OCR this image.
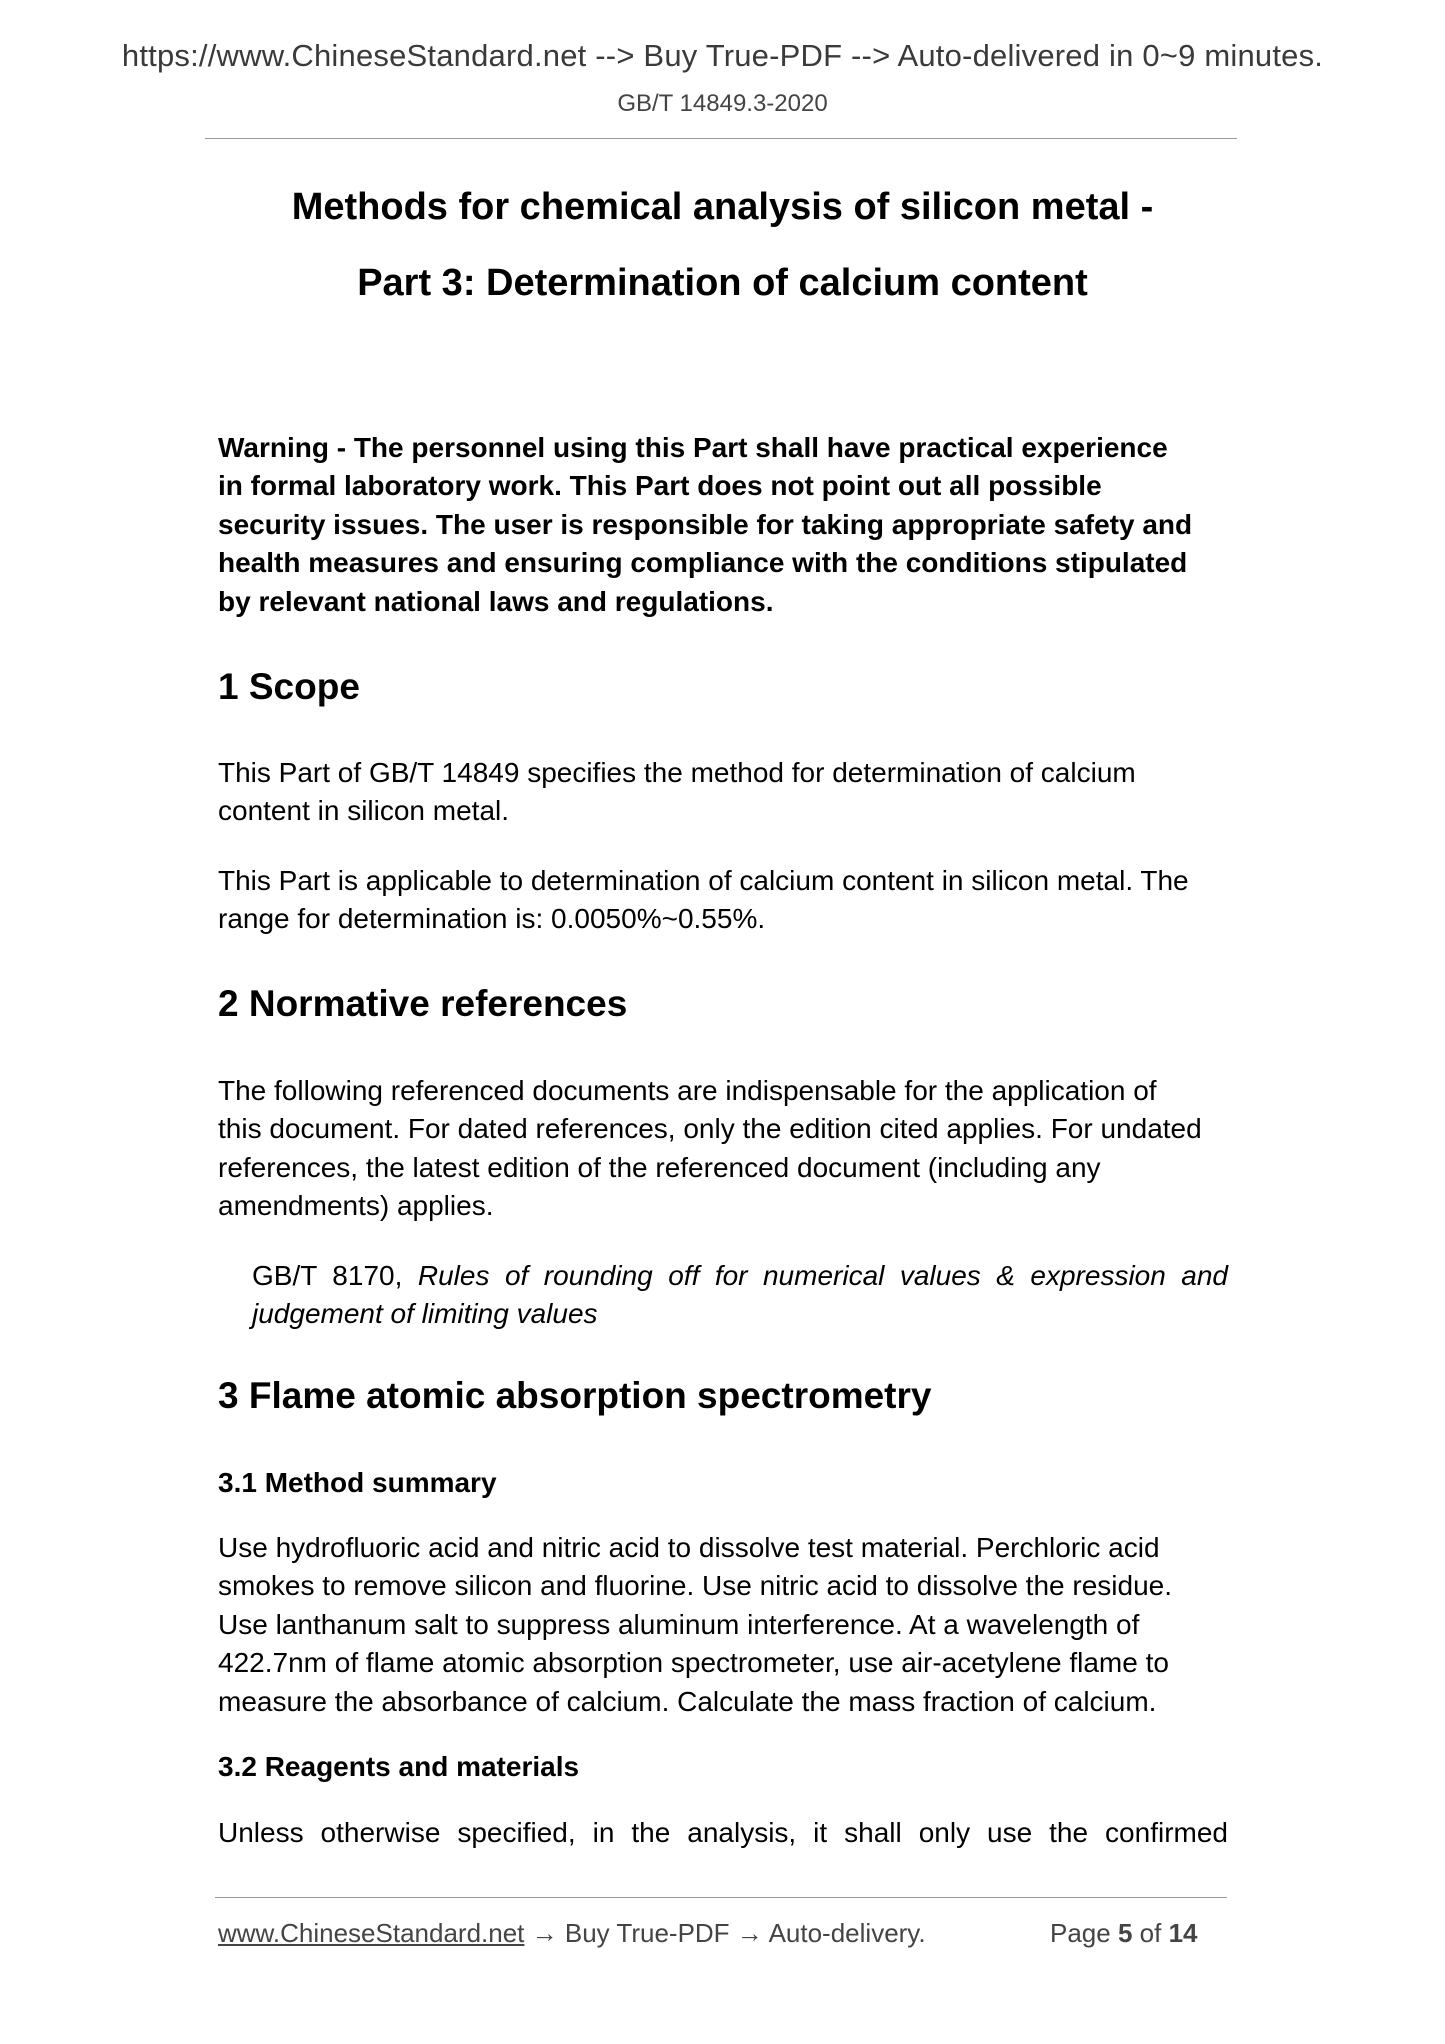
https://www.ChineseStandard.net --> Buy True-PDF --> Auto-delivered in 0~9 minutes.
GB/T 14849.3-2020
Methods for chemical analysis of silicon metal -
Part 3: Determination of calcium content

Warning - The personnel using this Part shall have practical experience

in formal laboratory work. This Part does not point out all possible

security issues. The user is responsible for taking appropriate safety and

health measures and ensuring compliance with the conditions stipulated

by relevant national laws and regulations.

1 Scope

This Part of GB/T 14849 specifies the method for determination of calcium

content in silicon metal.

This Part is applicable to determination of calcium content in silicon metal. The

range for determination is: 0.0050%~0.55%.

2 Normative references

The following referenced documents are indispensable for the application of

this document. For dated references, only the edition cited applies. For undated

references, the latest edition of the referenced document (including any

amendments) applies.

GB/T 8170, Rules of rounding off for numerical values & expression and
judgement of limiting values
3 Flame atomic absorption spectrometry
3.1 Method summary

Use hydrofluoric acid and nitric acid to dissolve test material. Perchloric acid

smokes to remove silicon and fluorine. Use nitric acid to dissolve the residue.

Use lanthanum salt to suppress aluminum interference. At a wavelength of

422.7nm of flame atomic absorption spectrometer, use air-acetylene flame to

measure the absorbance of calcium. Calculate the mass fraction of calcium.

3.2 Reagents and materials

Unless otherwise specified, in the analysis, it shall only use the confirmed

www.ChineseStandard.net → Buy True-PDF → Auto-delivery.	Page 5 of 14
